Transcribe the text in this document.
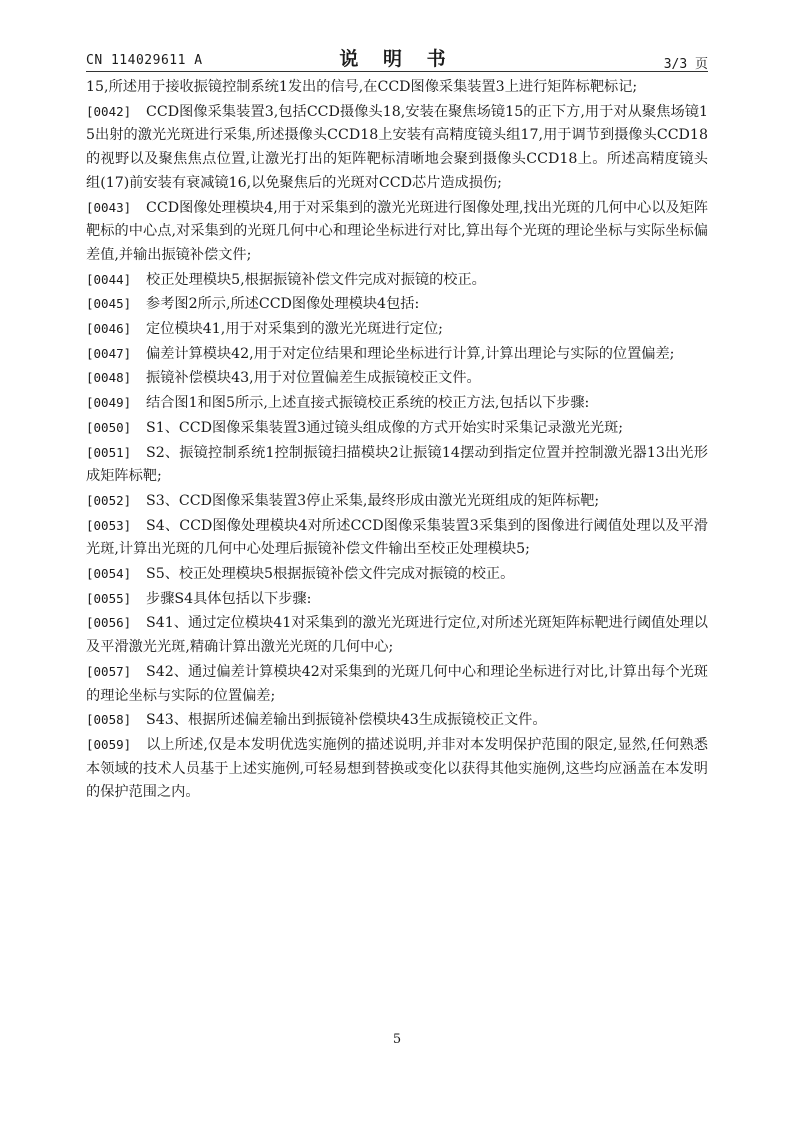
CN 114029611 A	说 明 书	3/3 页

15,所述用于接收振镜控制系统1发出的信号,在CCD图像采集装置3上进行矩阵标靶标记;

[0042] CCD图像采集装置3,包括CCD摄像头18,安装在聚焦场镜15的正下方,用于对从聚焦场镜15出射的激光光斑进行采集,所述摄像头CCD18上安装有高精度镜头组17,用于调节到摄像头CCD18的视野以及聚焦焦点位置,让激光打出的矩阵靶标清晰地会聚到摄像头CCD18上。所述高精度镜头组(17)前安装有衰减镜16,以免聚焦后的光斑对CCD芯片造成损伤;

[0043] CCD图像处理模块4,用于对采集到的激光光斑进行图像处理,找出光斑的几何中心以及矩阵靶标的中心点,对采集到的光斑几何中心和理论坐标进行对比,算出每个光斑的理论坐标与实际坐标偏差值,并输出振镜补偿文件;

[0044] 校正处理模块5,根据振镜补偿文件完成对振镜的校正。

[0045] 参考图2所示,所述CCD图像处理模块4包括:

[0046] 定位模块41,用于对采集到的激光光斑进行定位;

[0047] 偏差计算模块42,用于对定位结果和理论坐标进行计算,计算出理论与实际的位置偏差;

[0048] 振镜补偿模块43,用于对位置偏差生成振镜校正文件。

[0049] 结合图1和图5所示,上述直接式振镜校正系统的校正方法,包括以下步骤:

[0050] S1、CCD图像采集装置3通过镜头组成像的方式开始实时采集记录激光光斑;

[0051] S2、振镜控制系统1控制振镜扫描模块2让振镜14摆动到指定位置并控制激光器13出光形成矩阵标靶;

[0052] S3、CCD图像采集装置3停止采集,最终形成由激光光斑组成的矩阵标靶;

[0053] S4、CCD图像处理模块4对所述CCD图像采集装置3采集到的图像进行阈值处理以及平滑光斑,计算出光斑的几何中心处理后振镜补偿文件输出至校正处理模块5;

[0054] S5、校正处理模块5根据振镜补偿文件完成对振镜的校正。

[0055] 步骤S4具体包括以下步骤:

[0056] S41、通过定位模块41对采集到的激光光斑进行定位,对所述光斑矩阵标靶进行阈值处理以及平滑激光光斑,精确计算出激光光斑的几何中心;

[0057] S42、通过偏差计算模块42对采集到的光斑几何中心和理论坐标进行对比,计算出每个光斑的理论坐标与实际的位置偏差;

[0058] S43、根据所述偏差输出到振镜补偿模块43生成振镜校正文件。

[0059] 以上所述,仅是本发明优选实施例的描述说明,并非对本发明保护范围的限定,显然,任何熟悉本领域的技术人员基于上述实施例,可轻易想到替换或变化以获得其他实施例,这些均应涵盖在本发明的保护范围之内。

5
